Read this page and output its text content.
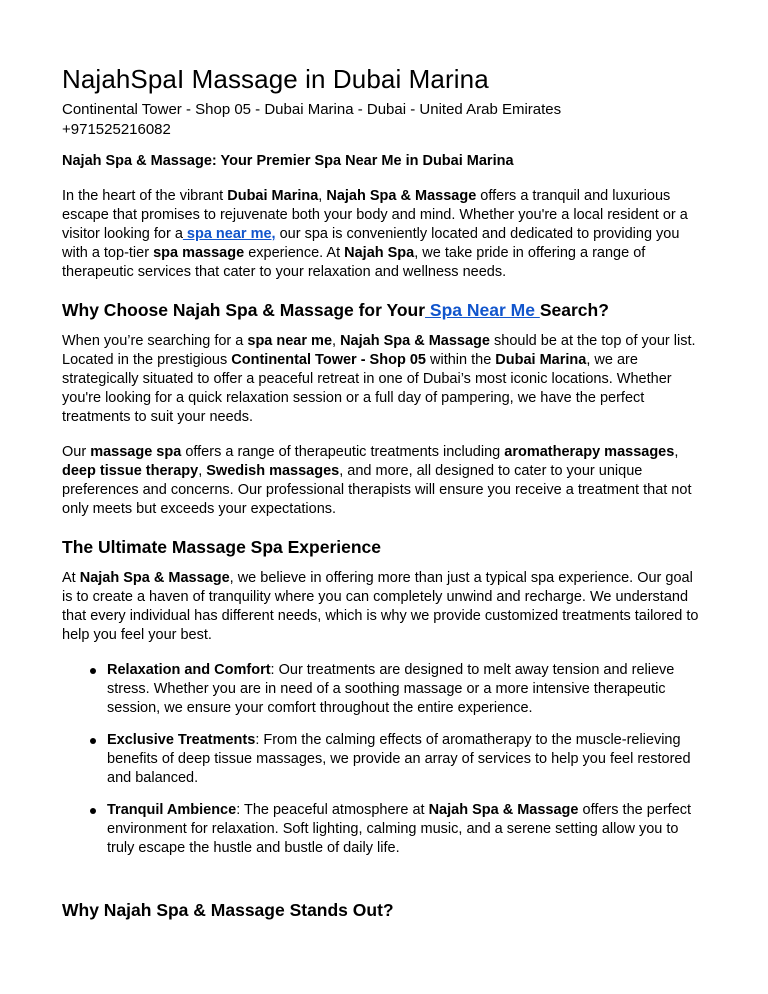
NajahSpaI Massage in Dubai Marina
Continental Tower - Shop 05 - Dubai Marina - Dubai - United Arab Emirates
+971525216082
Najah Spa & Massage: Your Premier Spa Near Me in Dubai Marina

In the heart of the vibrant Dubai Marina, Najah Spa & Massage offers a tranquil and luxurious escape that promises to rejuvenate both your body and mind. Whether you're a local resident or a visitor looking for a spa near me, our spa is conveniently located and dedicated to providing you with a top-tier spa massage experience. At Najah Spa, we take pride in offering a range of therapeutic services that cater to your relaxation and wellness needs.

Why Choose Najah Spa & Massage for Your Spa Near Me Search?

When you’re searching for a spa near me, Najah Spa & Massage should be at the top of your list. Located in the prestigious Continental Tower - Shop 05 within the Dubai Marina, we are strategically situated to offer a peaceful retreat in one of Dubai’s most iconic locations. Whether you're looking for a quick relaxation session or a full day of pampering, we have the perfect treatments to suit your needs.

Our massage spa offers a range of therapeutic treatments including aromatherapy massages, deep tissue therapy, Swedish massages, and more, all designed to cater to your unique preferences and concerns. Our professional therapists will ensure you receive a treatment that not only meets but exceeds your expectations.

The Ultimate Massage Spa Experience

At Najah Spa & Massage, we believe in offering more than just a typical spa experience. Our goal is to create a haven of tranquility where you can completely unwind and recharge. We understand that every individual has different needs, which is why we provide customized treatments tailored to help you feel your best.

Relaxation and Comfort: Our treatments are designed to melt away tension and relieve stress. Whether you are in need of a soothing massage or a more intensive therapeutic session, we ensure your comfort throughout the entire experience.
Exclusive Treatments: From the calming effects of aromatherapy to the muscle-relieving benefits of deep tissue massages, we provide an array of services to help you feel restored and balanced.
Tranquil Ambience: The peaceful atmosphere at Najah Spa & Massage offers the perfect environment for relaxation. Soft lighting, calming music, and a serene setting allow you to truly escape the hustle and bustle of daily life.
Why Najah Spa & Massage Stands Out?
